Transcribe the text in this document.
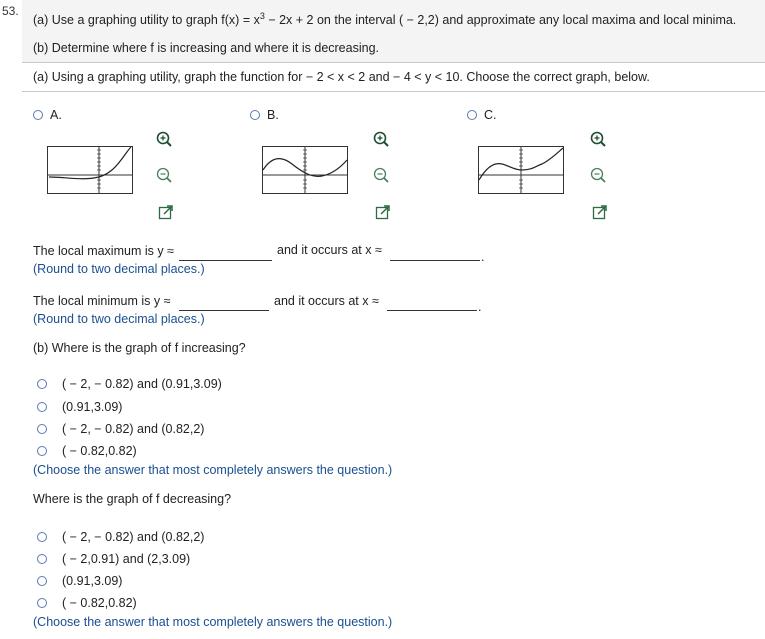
53.
(a) Use a graphing utility to graph $f(x) = x^3 - 2x + 2$ on the interval ( − 2,2) and approximate any local maxima and local minima.
(b) Determine where f is increasing and where it is decreasing.
(a) Using a graphing utility, graph the function for − 2 < x < 2 and − 4 < y < 10. Choose the correct graph, below.
A.	B.	C.
The local maximum is y ≈	and it occurs at x ≈	.
(Round to two decimal places.)
The local minimum is y ≈	and it occurs at x ≈	.
(Round to two decimal places.)
(b) Where is the graph of f increasing?
( − 2, − 0.82) and (0.91,3.09)
(0.91,3.09)
( − 2, − 0.82) and (0.82,2)
( − 0.82,0.82)
(Choose the answer that most completely answers the question.)
Where is the graph of f decreasing?
( − 2, − 0.82) and (0.82,2)
( − 2,0.91) and (2,3.09)
(0.91,3.09)
( − 0.82,0.82)
(Choose the answer that most completely answers the question.)
